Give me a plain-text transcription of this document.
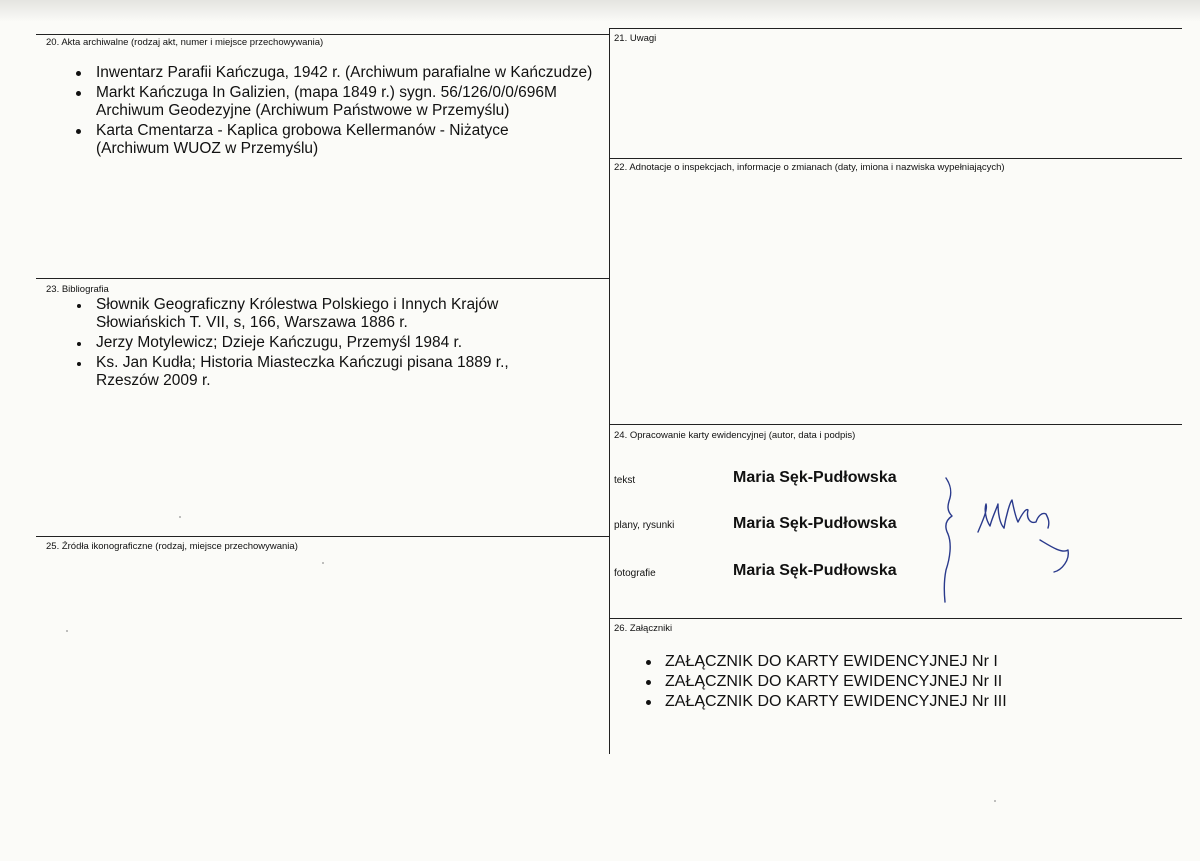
20. Akta archiwalne (rodzaj akt, numer i miejsce przechowywania)
Inwentarz Parafii Kańczuga, 1942 r. (Archiwum parafialne w Kańczudze)
Markt Kańczuga In Galizien, (mapa 1849 r.) sygn. 56/126/0/0/696M Archiwum Geodezyjne (Archiwum Państwowe w Przemyślu)
Karta Cmentarza - Kaplica grobowa Kellermanów - Niżatyce (Archiwum WUOZ w Przemyślu)
21. Uwagi
22. Adnotacje o inspekcjach, informacje o zmianach (daty, imiona i nazwiska wypełniających)
23. Bibliografia
Słownik Geograficzny Królestwa Polskiego i Innych Krajów Słowiańskich T. VII, s, 166, Warszawa 1886 r.
Jerzy Motylewicz; Dzieje Kańczugu, Przemyśl 1984 r.
Ks. Jan Kudła; Historia Miasteczka Kańczugi pisana 1889 r., Rzeszów 2009 r.
24. Opracowanie karty ewidencyjnej (autor, data i podpis)
tekst	Maria Sęk-Pudłowska
plany, rysunki	Maria Sęk-Pudłowska
fotografie	Maria Sęk-Pudłowska
25. Źródła ikonograficzne (rodzaj, miejsce przechowywania)
26. Załączniki
ZAŁĄCZNIK DO KARTY EWIDENCYJNEJ Nr I
ZAŁĄCZNIK DO KARTY EWIDENCYJNEJ Nr II
ZAŁĄCZNIK DO KARTY EWIDENCYJNEJ Nr III
